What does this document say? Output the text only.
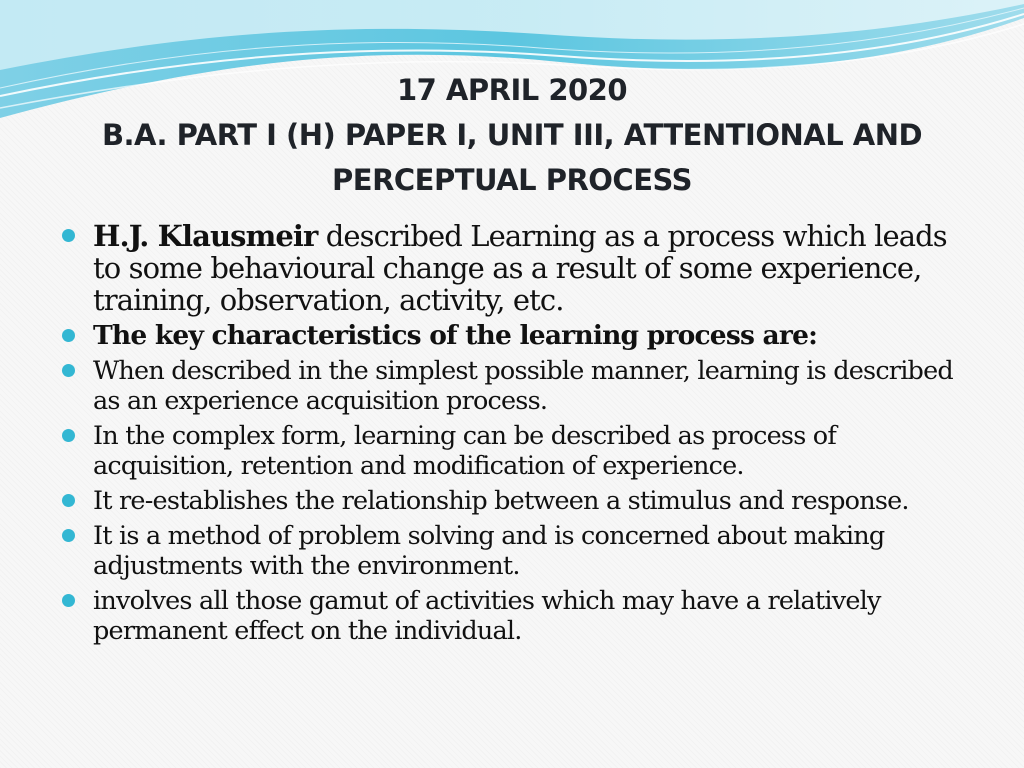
17 APRIL 2020
B.A. PART I (H) PAPER I, UNIT III, ATTENTIONAL AND
PERCEPTUAL PROCESS
H.J. Klausmeir described Learning as a process which leads to some behavioural change as a result of some experience, training, observation, activity, etc.
The key characteristics of the learning process are:
When described in the simplest possible manner, learning is described as an experience acquisition process.
In the complex form, learning can be described as process of acquisition, retention and modification of experience.
It re-establishes the relationship between a stimulus and response.
It is a method of problem solving and is concerned about making adjustments with the environment.
involves all those gamut of activities which may have a relatively permanent effect on the individual.
